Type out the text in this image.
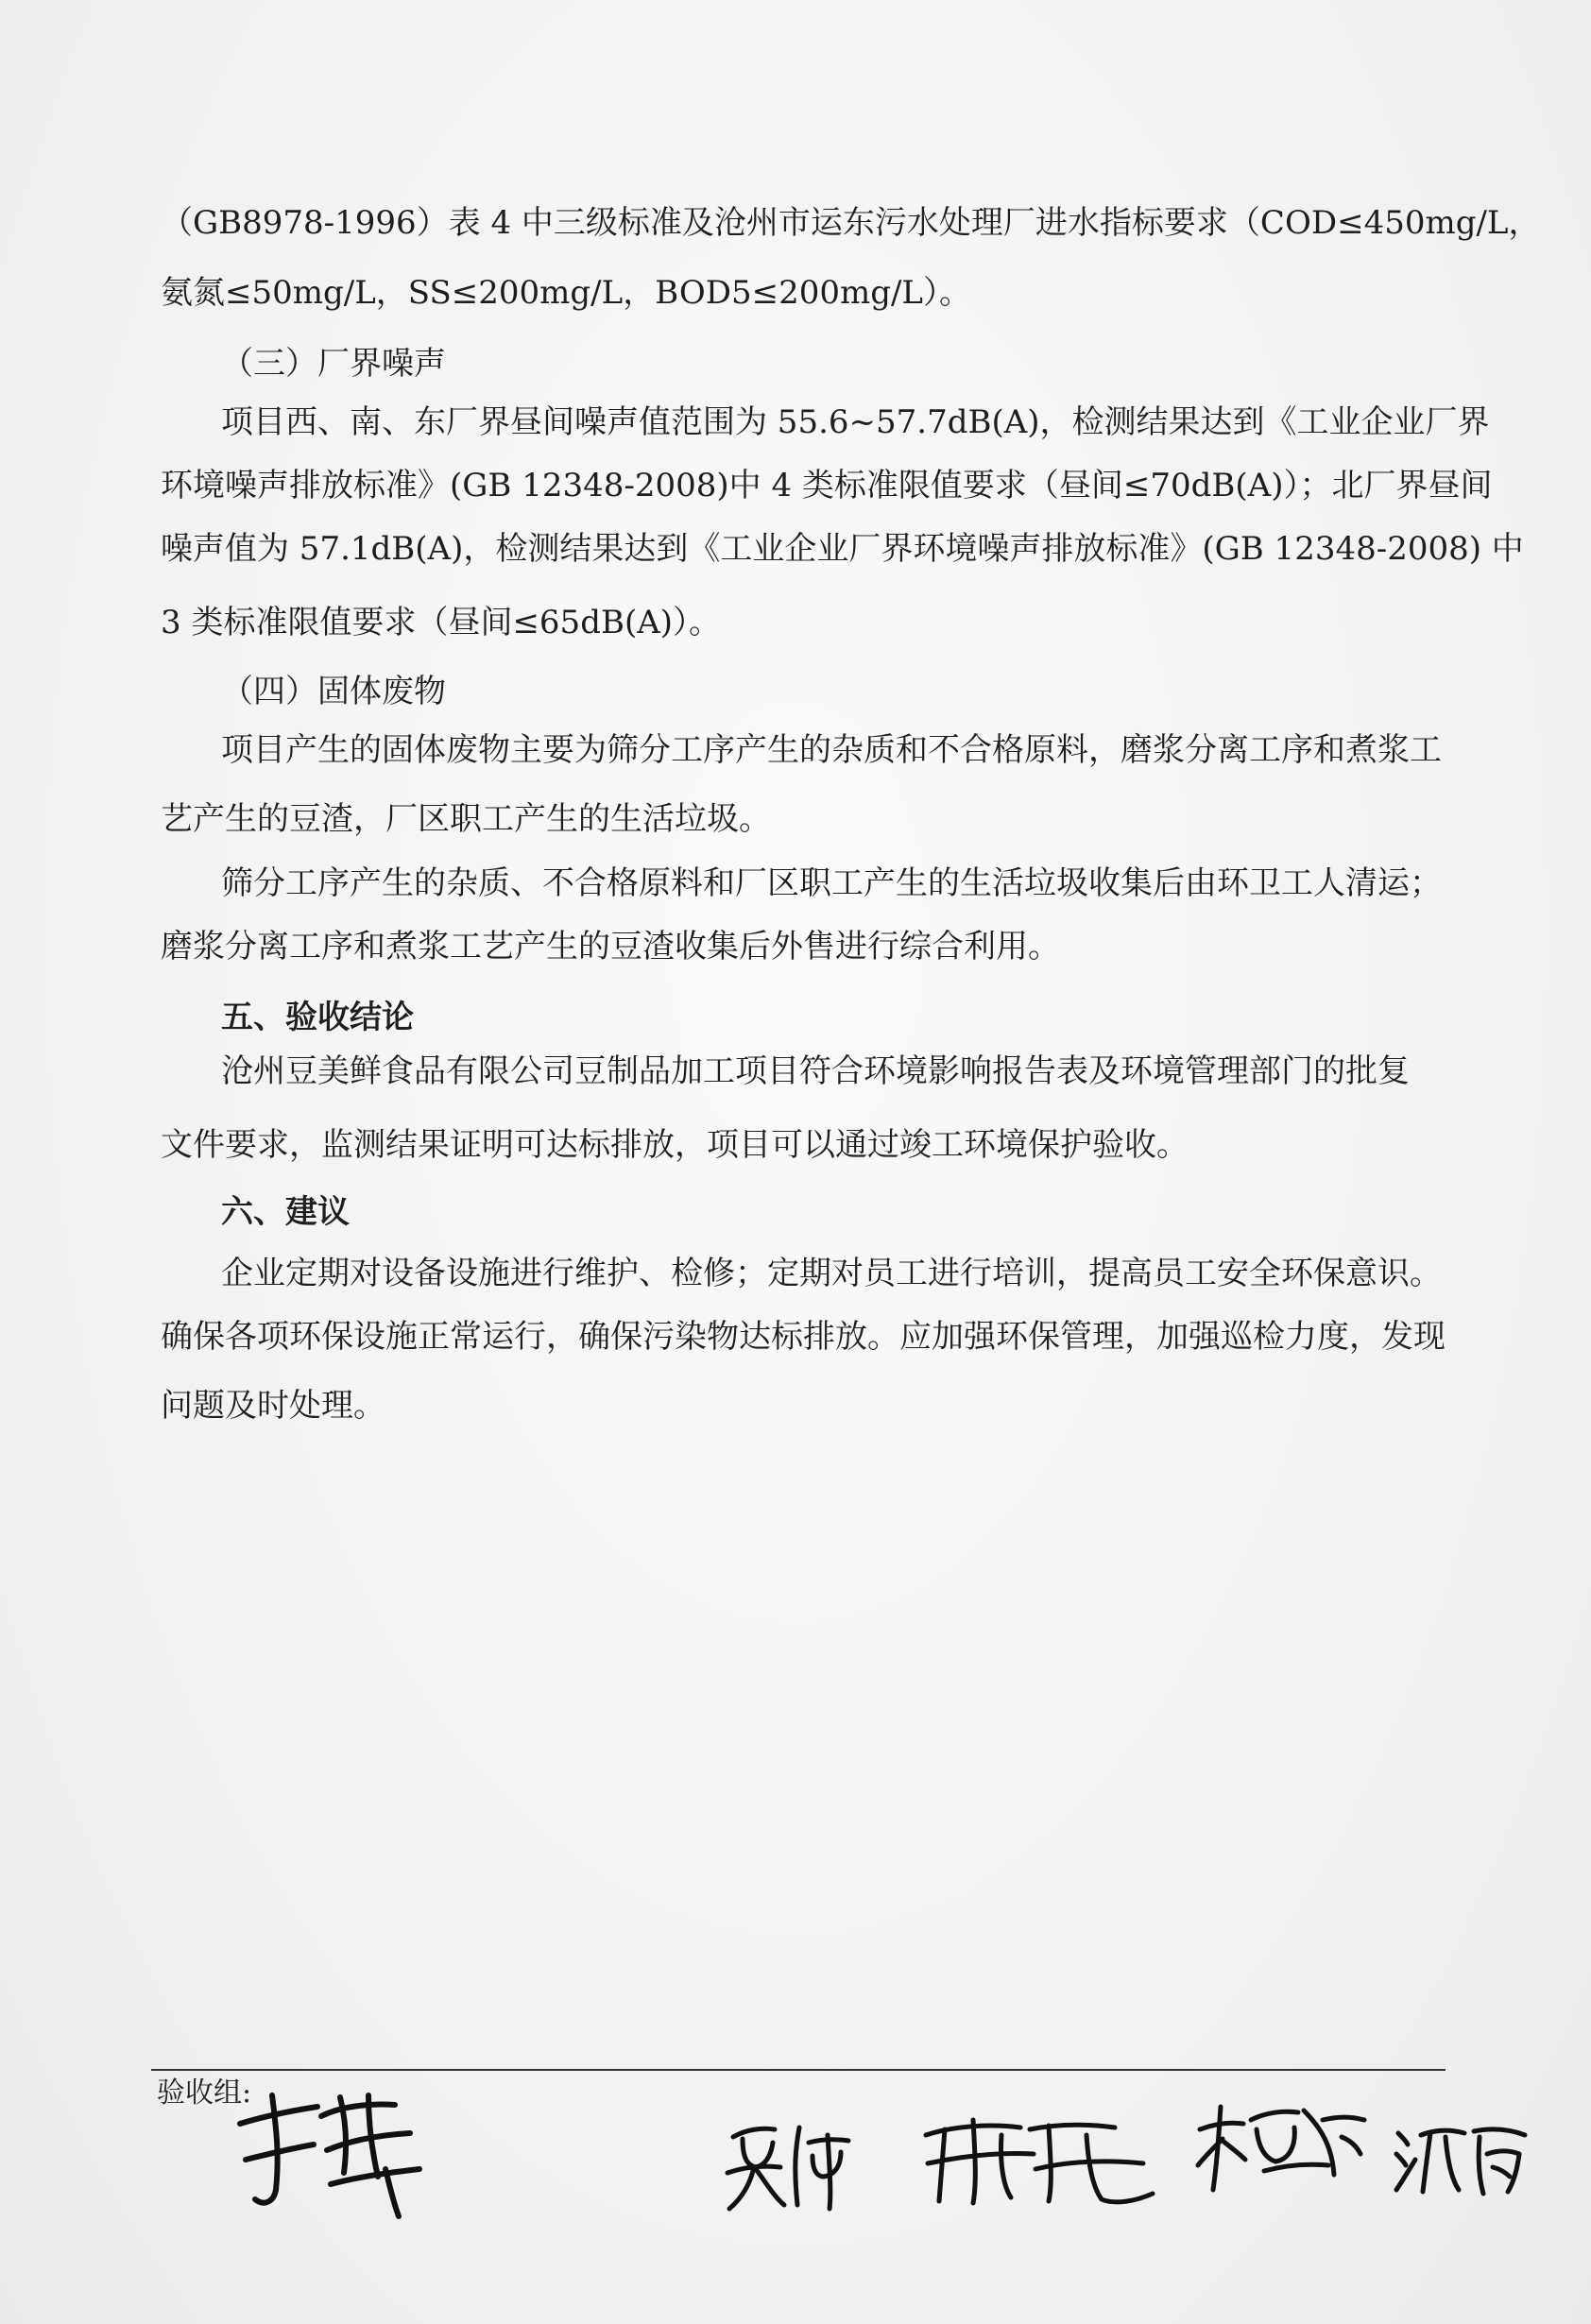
（GB8978-1996）表 4 中三级标准及沧州市运东污水处理厂进水指标要求（COD≤450mg/L，
氨氮≤50mg/L，SS≤200mg/L，BOD5≤200mg/L）。
（三）厂界噪声
项目西、南、东厂界昼间噪声值范围为 55.6~57.7dB(A)，检测结果达到《工业企业厂界
环境噪声排放标准》(GB 12348-2008)中 4 类标准限值要求（昼间≤70dB(A)）；北厂界昼间
噪声值为 57.1dB(A)，检测结果达到《工业企业厂界环境噪声排放标准》(GB 12348-2008) 中
3 类标准限值要求（昼间≤65dB(A)）。
（四）固体废物
项目产生的固体废物主要为筛分工序产生的杂质和不合格原料，磨浆分离工序和煮浆工
艺产生的豆渣，厂区职工产生的生活垃圾。
筛分工序产生的杂质、不合格原料和厂区职工产生的生活垃圾收集后由环卫工人清运；
磨浆分离工序和煮浆工艺产生的豆渣收集后外售进行综合利用。
五、验收结论
沧州豆美鲜食品有限公司豆制品加工项目符合环境影响报告表及环境管理部门的批复
文件要求，监测结果证明可达标排放，项目可以通过竣工环境保护验收。
六、建议
企业定期对设备设施进行维护、检修；定期对员工进行培训，提高员工安全环保意识。
确保各项环保设施正常运行，确保污染物达标排放。应加强环保管理，加强巡检力度，发现
问题及时处理。
验收组:
